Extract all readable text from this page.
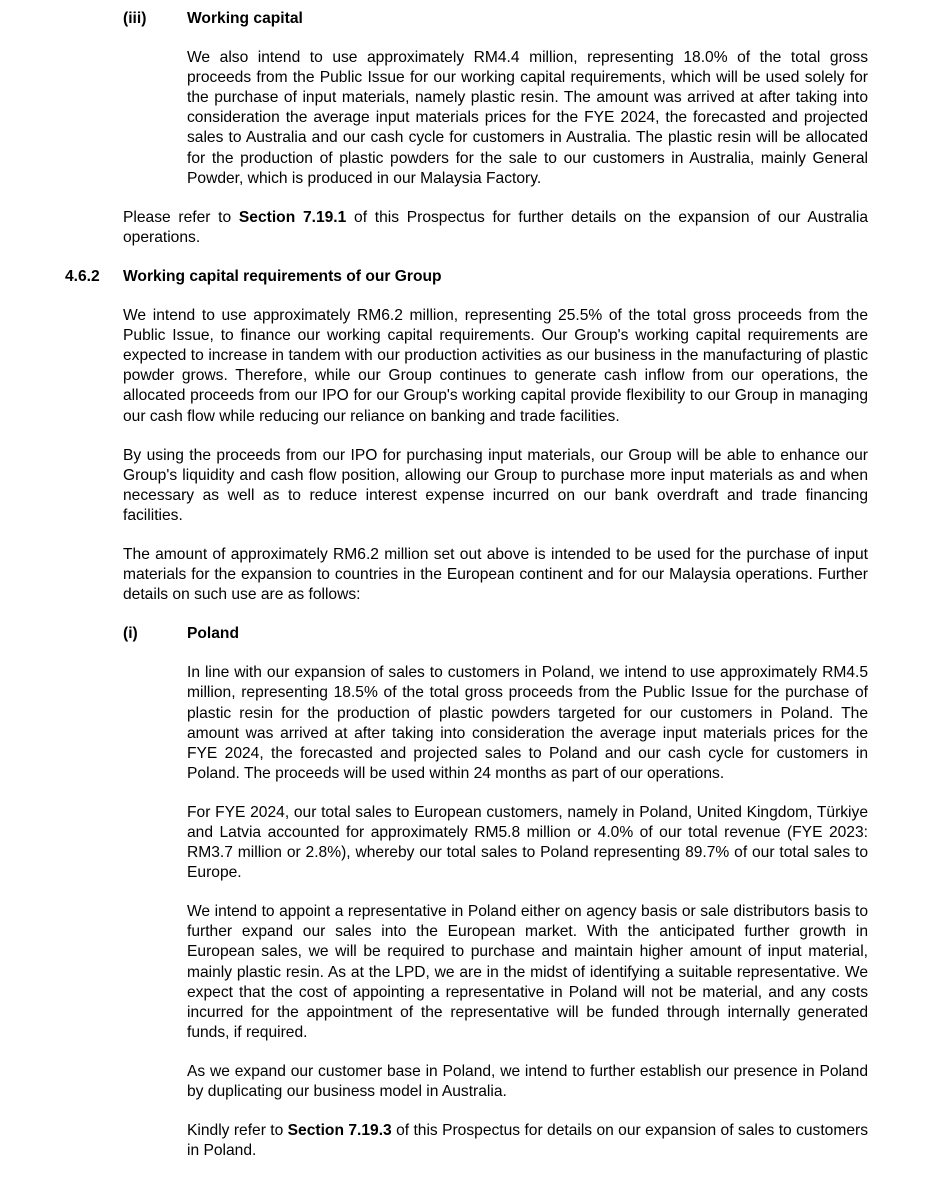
(iii)	Working capital

We also intend to use approximately RM4.4 million, representing 18.0% of the total gross proceeds from the Public Issue for our working capital requirements, which will be used solely for the purchase of input materials, namely plastic resin. The amount was arrived at after taking into consideration the average input materials prices for the FYE 2024, the forecasted and projected sales to Australia and our cash cycle for customers in Australia. The plastic resin will be allocated for the production of plastic powders for the sale to our customers in Australia, mainly General Powder, which is produced in our Malaysia Factory.

Please refer to Section 7.19.1 of this Prospectus for further details on the expansion of our Australia operations.

4.6.2	Working capital requirements of our Group

We intend to use approximately RM6.2 million, representing 25.5% of the total gross proceeds from the Public Issue, to finance our working capital requirements. Our Group's working capital requirements are expected to increase in tandem with our production activities as our business in the manufacturing of plastic powder grows. Therefore, while our Group continues to generate cash inflow from our operations, the allocated proceeds from our IPO for our Group's working capital provide flexibility to our Group in managing our cash flow while reducing our reliance on banking and trade facilities.

By using the proceeds from our IPO for purchasing input materials, our Group will be able to enhance our Group's liquidity and cash flow position, allowing our Group to purchase more input materials as and when necessary as well as to reduce interest expense incurred on our bank overdraft and trade financing facilities.

The amount of approximately RM6.2 million set out above is intended to be used for the purchase of input materials for the expansion to countries in the European continent and for our Malaysia operations. Further details on such use are as follows:

(i)	Poland

In line with our expansion of sales to customers in Poland, we intend to use approximately RM4.5 million, representing 18.5% of the total gross proceeds from the Public Issue for the purchase of plastic resin for the production of plastic powders targeted for our customers in Poland. The amount was arrived at after taking into consideration the average input materials prices for the FYE 2024, the forecasted and projected sales to Poland and our cash cycle for customers in Poland. The proceeds will be used within 24 months as part of our operations.

For FYE 2024, our total sales to European customers, namely in Poland, United Kingdom, Türkiye and Latvia accounted for approximately RM5.8 million or 4.0% of our total revenue (FYE 2023: RM3.7 million or 2.8%), whereby our total sales to Poland representing 89.7% of our total sales to Europe.

We intend to appoint a representative in Poland either on agency basis or sale distributors basis to further expand our sales into the European market. With the anticipated further growth in European sales, we will be required to purchase and maintain higher amount of input material, mainly plastic resin. As at the LPD, we are in the midst of identifying a suitable representative. We expect that the cost of appointing a representative in Poland will not be material, and any costs incurred for the appointment of the representative will be funded through internally generated funds, if required.

As we expand our customer base in Poland, we intend to further establish our presence in Poland by duplicating our business model in Australia.

Kindly refer to Section 7.19.3 of this Prospectus for details on our expansion of sales to customers in Poland.
